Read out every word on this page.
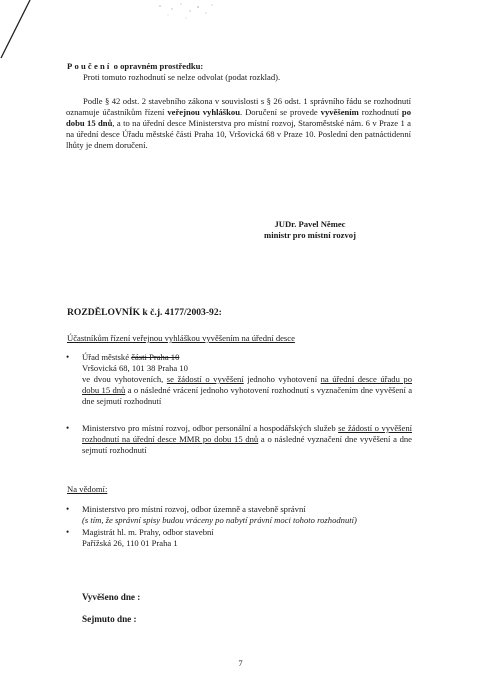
Poučení o opravném prostředku:
Proti tomuto rozhodnutí se nelze odvolat (podat rozklad).
Podle § 42 odst. 2 stavebního zákona v souvislosti s § 26 odst. 1 správního řádu se rozhodnutí oznamuje účastníkům řízení veřejnou vyhláškou. Doručení se provede vyvěšením rozhodnutí po dobu 15 dnů, a to na úřední desce Ministerstva pro místní rozvoj, Staroměstské nám. 6 v Praze 1 a na úřední desce Úřadu městské části Praha 10, Vršovická 68 v Praze 10. Poslední den patnáctidenní lhůty je dnem doručení.
JUDr. Pavel Němec
ministr pro místní rozvoj
ROZDĚLOVNÍK k č.j. 4177/2003-92:
Účastníkům řízení veřejnou vyhláškou vyvěšením na úřední desce
• Úřad městské části Praha 10
Vršovická 68, 101 38 Praha 10
ve dvou vyhotoveních, se žádostí o vyvěšení jednoho vyhotovení na úřední desce úřadu po dobu 15 dnů a o následné vrácení jednoho vyhotovení rozhodnutí s vyznačením dne vyvěšení a dne sejmutí rozhodnutí
• Ministerstvo pro místní rozvoj, odbor personální a hospodářských služeb se žádostí o vyvěšení rozhodnutí na úřední desce MMR po dobu 15 dnů a o následné vyznačení dne vyvěšení a dne sejmutí rozhodnutí
Na vědomí:
• Ministerstvo pro místní rozvoj, odbor územně a stavebně správní
(s tím, že správní spisy budou vráceny po nabytí právní moci tohoto rozhodnutí)
• Magistrát hl. m. Prahy, odbor stavební
Pařížská 26, 110 01 Praha 1
Vyvěšeno dne :
Sejmuto dne :
7
